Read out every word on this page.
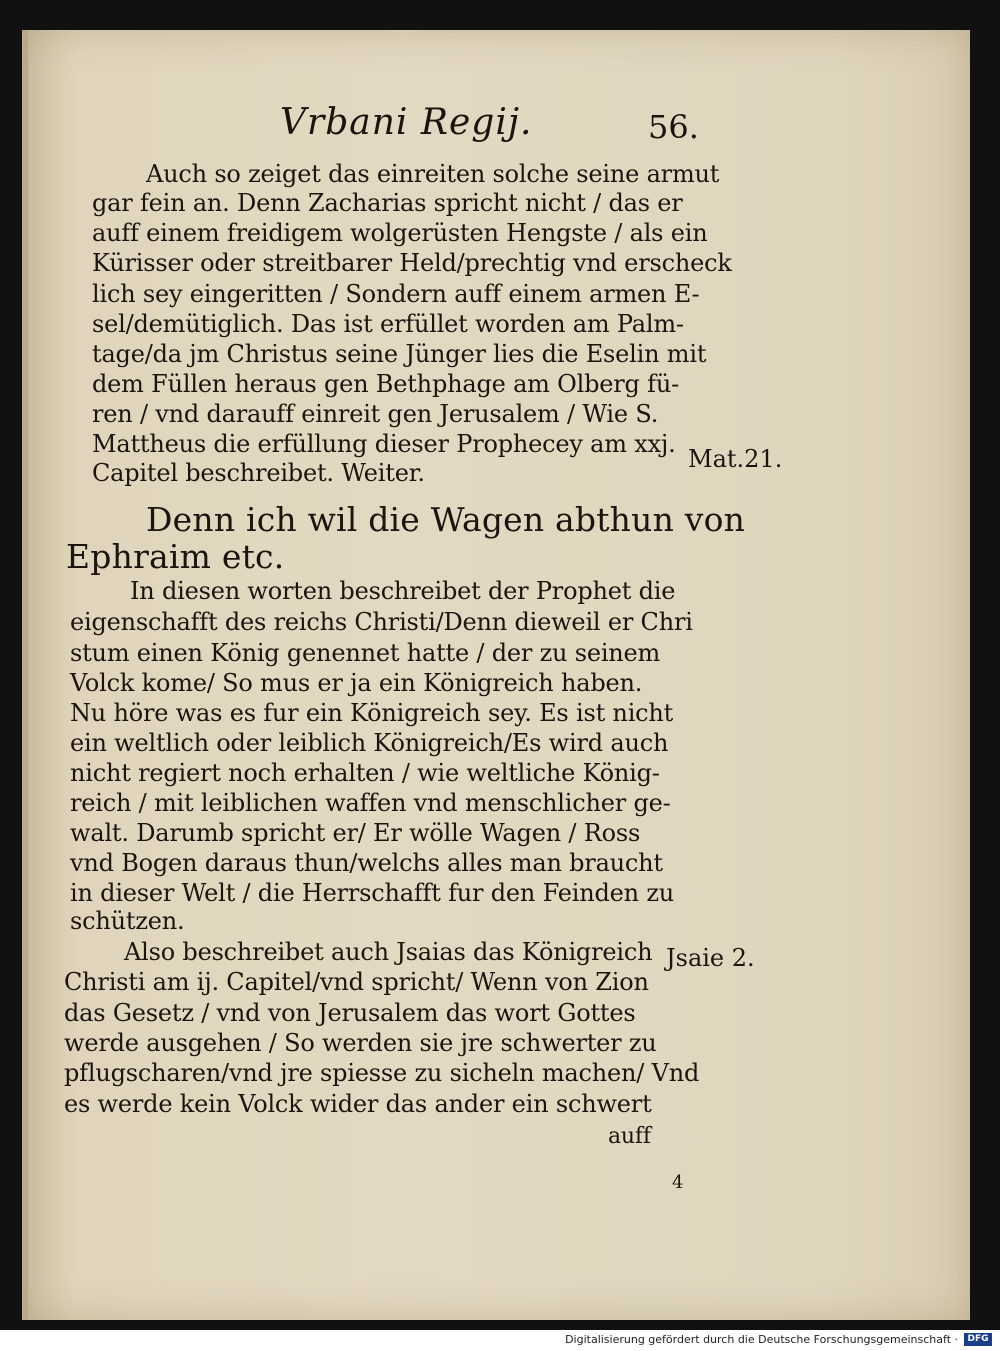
Vrbani Regij.	56.
Auch so zeiget das einreiten solche seine armut
gar fein an. Denn Zacharias spricht nicht / das er
auff einem freidigem wolgerüsten Hengste / als ein
Kürisser oder streitbarer Held/prechtig vnd erscheck
lich sey eingeritten / Sondern auff einem armen E-
sel/demütiglich. Das ist erfüllet worden am Palm-
tage/da jm Christus seine Jünger lies die Eselin mit
dem Füllen heraus gen Bethphage am Olberg fü-
ren / vnd darauff einreit gen Jerusalem / Wie S.
Mattheus die erfüllung dieser Prophecey am xxj.
Capitel beschreibet. Weiter.	Mat.21.
Denn ich wil die Wagen abthun von
Ephraim etc.
In diesen worten beschreibet der Prophet die
eigenschafft des reichs Christi/Denn dieweil er Chri
stum einen König genennet hatte / der zu seinem
Volck kome/ So mus er ja ein Königreich haben.
Nu höre was es fur ein Königreich sey. Es ist nicht
ein weltlich oder leiblich Königreich/Es wird auch
nicht regiert noch erhalten / wie weltliche König-
reich / mit leiblichen waffen vnd menschlicher ge-
walt. Darumb spricht er/ Er wölle Wagen / Ross
vnd Bogen daraus thun/welchs alles man braucht
in dieser Welt / die Herrschafft fur den Feinden zu
schützen.
Also beschreibet auch Jsaias das Königreich
Christi am ij. Capitel/vnd spricht/ Wenn von Zion
das Gesetz / vnd von Jerusalem das wort Gottes
werde ausgehen / So werden sie jre schwerter zu
pflugscharen/vnd jre spiesse zu sicheln machen/ Vnd
es werde kein Volck wider das ander ein schwert
Jsaie 2.
auff
4
Digitalisierung gefördert durch die Deutsche Forschungsgemeinschaft ·	DFG
